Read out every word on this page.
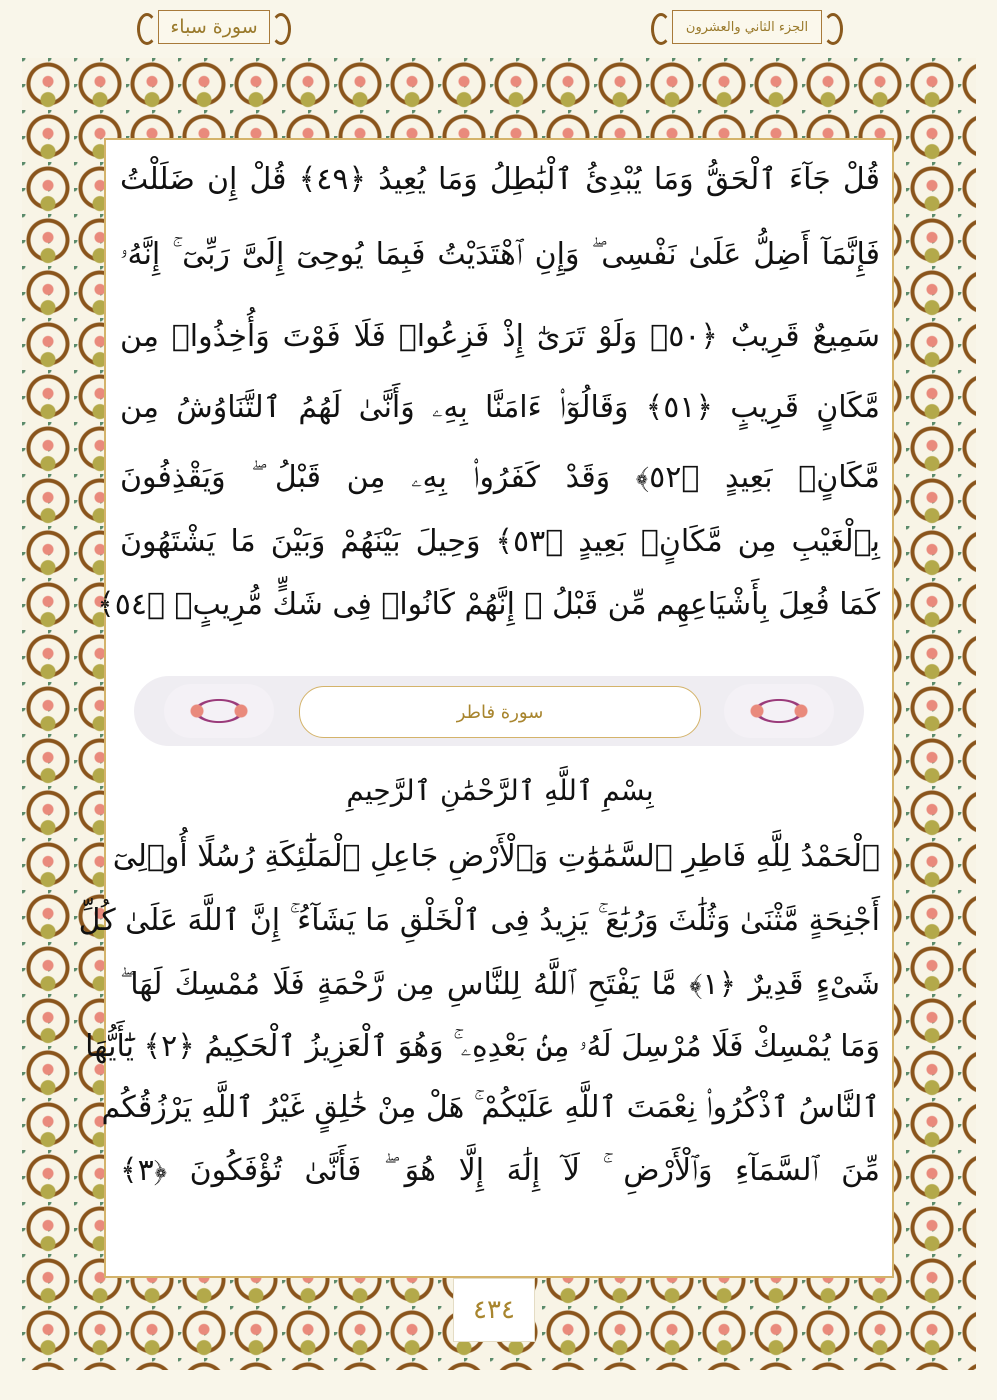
الجزء الثاني والعشرون
سورة سباء
قُلْ جَآءَ ٱلْحَقُّ وَمَا يُبْدِئُ ٱلْبَٰطِلُ وَمَا يُعِيدُ ﴿٤٩﴾ قُلْ إِن ضَلَلْتُ
فَإِنَّمَآ أَضِلُّ عَلَىٰ نَفْسِى ۖ وَإِنِ ٱهْتَدَيْتُ فَبِمَا يُوحِىٓ إِلَىَّ رَبِّىٓ ۚ إِنَّهُۥ
سَمِيعٌ قَرِيبٌ ﴿٥٠﴾ وَلَوْ تَرَىٰٓ إِذْ فَزِعُوا۟ فَلَا فَوْتَ وَأُخِذُوا۟ مِن
مَّكَانٍ قَرِيبٍ ﴿٥١﴾ وَقَالُوٓا۟ ءَامَنَّا بِهِۦ وَأَنَّىٰ لَهُمُ ٱلتَّنَاوُشُ مِن
مَّكَانٍۭ بَعِيدٍ ﴿٥٢﴾ وَقَدْ كَفَرُوا۟ بِهِۦ مِن قَبْلُ ۖ وَيَقْذِفُونَ
بِٱلْغَيْبِ مِن مَّكَانٍۭ بَعِيدٍ ﴿٥٣﴾ وَحِيلَ بَيْنَهُمْ وَبَيْنَ مَا يَشْتَهُونَ
كَمَا فُعِلَ بِأَشْيَاعِهِم مِّن قَبْلُ ۚ إِنَّهُمْ كَانُوا۟ فِى شَكٍّ مُّرِيبٍۭ ﴿٥٤﴾
سورة فاطر
بِسْمِ ٱللَّهِ ٱلرَّحْمَٰنِ ٱلرَّحِيمِ
ٱلْحَمْدُ لِلَّهِ فَاطِرِ ٱلسَّمَٰوَٰتِ وَٱلْأَرْضِ جَاعِلِ ٱلْمَلَٰٓئِكَةِ رُسُلًا أُو۟لِىٓ
أَجْنِحَةٍ مَّثْنَىٰ وَثُلَٰثَ وَرُبَٰعَ ۚ يَزِيدُ فِى ٱلْخَلْقِ مَا يَشَآءُ ۚ إِنَّ ٱللَّهَ عَلَىٰ كُلِّ
شَىْءٍ قَدِيرٌ ﴿١﴾ مَّا يَفْتَحِ ٱللَّهُ لِلنَّاسِ مِن رَّحْمَةٍ فَلَا مُمْسِكَ لَهَا ۖ
وَمَا يُمْسِكْ فَلَا مُرْسِلَ لَهُۥ مِنۢ بَعْدِهِۦ ۚ وَهُوَ ٱلْعَزِيزُ ٱلْحَكِيمُ ﴿٢﴾ يَٰٓأَيُّهَا
ٱلنَّاسُ ٱذْكُرُوا۟ نِعْمَتَ ٱللَّهِ عَلَيْكُمْ ۚ هَلْ مِنْ خَٰلِقٍ غَيْرُ ٱللَّهِ يَرْزُقُكُم
مِّنَ ٱلسَّمَآءِ وَٱلْأَرْضِ ۚ لَآ إِلَٰهَ إِلَّا هُوَ ۖ فَأَنَّىٰ تُؤْفَكُونَ ﴿٣﴾
٤٣٤
